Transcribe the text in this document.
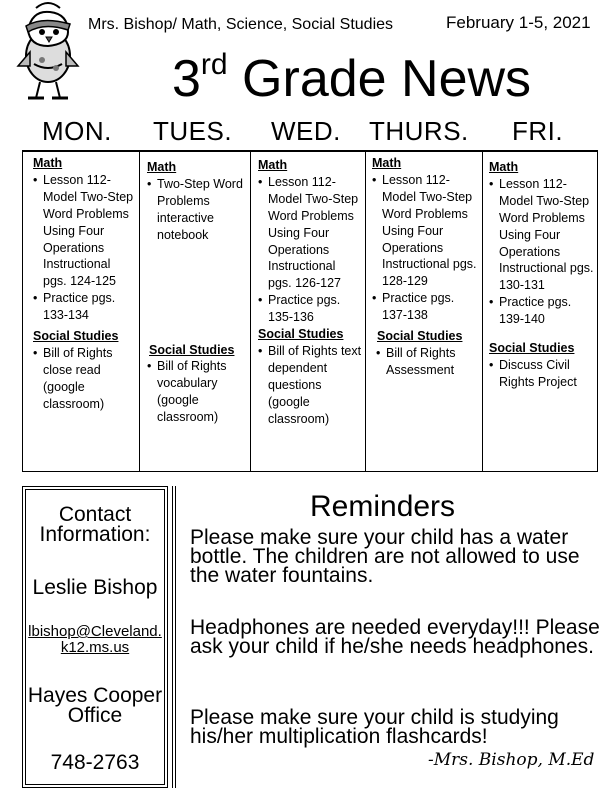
Mrs. Bishop/ Math, Science, Social Studies	February 1-5, 2021
3rd Grade News
MON. TUES. WED. THURS. FRI.
Math
• Lesson 112- Model Two-Step Word Problems Using Four Operations Instructional pgs. 124-125
• Practice pgs. 133-134
Social Studies
• Bill of Rights close read (google classroom)
Math
• Two-Step Word Problems interactive notebook
Social Studies
• Bill of Rights vocabulary (google classroom)
Math
• Lesson 112- Model Two-Step Word Problems Using Four Operations Instructional pgs. 126-127
• Practice pgs. 135-136
Social Studies
• Bill of Rights text dependent questions (google classroom)
Math
• Lesson 112- Model Two-Step Word Problems Using Four Operations Instructional pgs. 128-129
• Practice pgs. 137-138
Social Studies
• Bill of Rights Assessment
Math
• Lesson 112- Model Two-Step Word Problems Using Four Operations Instructional pgs. 130-131
• Practice pgs. 139-140
Social Studies
• Discuss Civil Rights Project
Contact Information:
Leslie Bishop
lbishop@Cleveland.k12.ms.us
Hayes Cooper Office
748-2763
Reminders
Please make sure your child has a water bottle. The children are not allowed to use the water fountains.
Headphones are needed everyday!!! Please ask your child if he/she needs headphones.
Please make sure your child is studying his/her multiplication flashcards!
-Mrs. Bishop, M.Ed
